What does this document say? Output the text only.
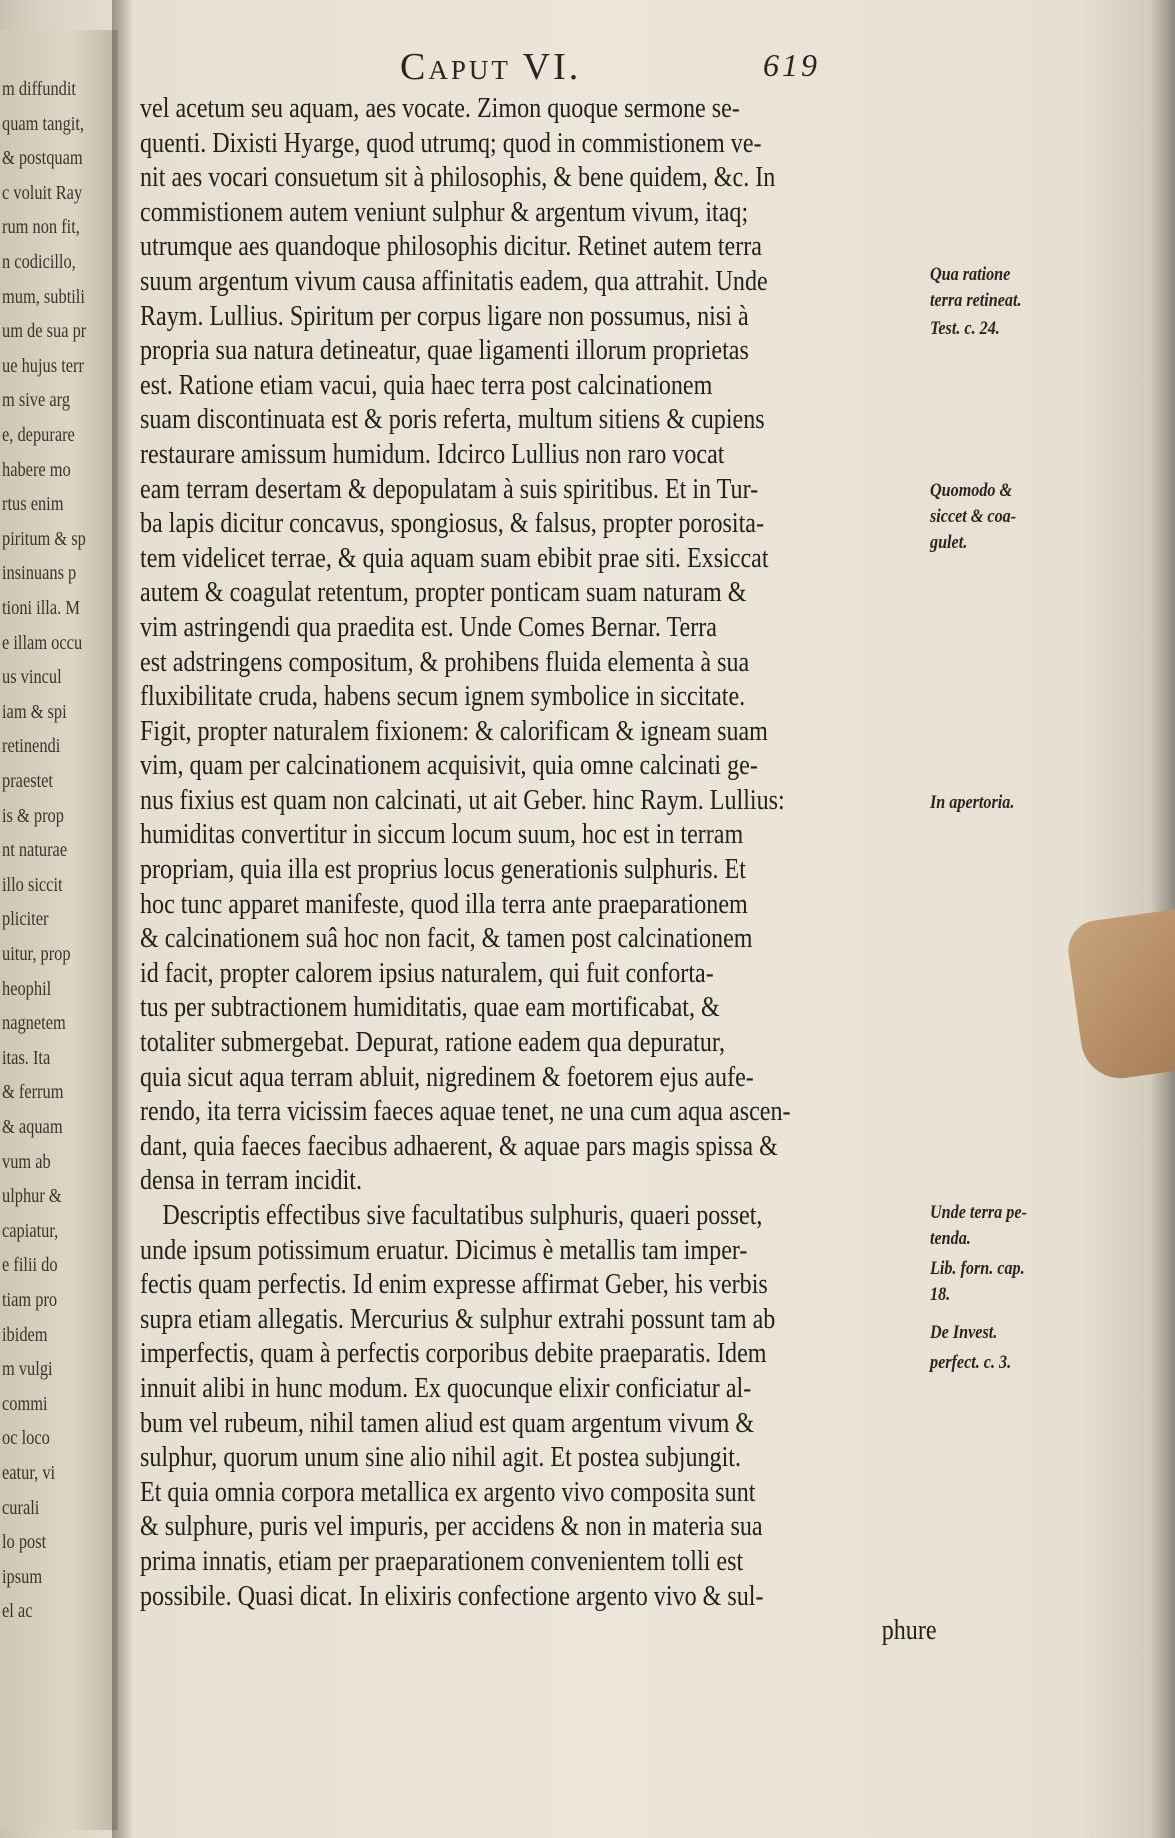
m diffundit
quam tangit,
& postquam
c voluit Ray
rum non fit,
n codicillo,
mum, subtili
um de sua pr
ue hujus terr
m sive arg
e, depurare
habere mo
rtus enim
piritum & sp
insinuans p
tioni illa. M
e illam occu
us vincul
iam & spi
retinendi
praestet
is & prop
nt naturae
illo siccit
pliciter
uitur, prop
heophil
nagnetem
itas. Ita
& ferrum
& aquam
vum ab
ulphur &
capiatur,
e filii do
tiam pro
ibidem
m vulgi
commi
oc loco
eatur, vi
curali
lo post
ipsum
el ac
Caput VI.	619
vel acetum seu aquam, aes vocate. Zimon quoque sermone se-
quenti. Dixisti Hyarge, quod utrumq; quod in commistionem ve-
nit aes vocari consuetum sit à philosophis, & bene quidem, &c. In
commistionem autem veniunt sulphur & argentum vivum, itaq;
utrumque aes quandoque philosophis dicitur. Retinet autem terra
suum argentum vivum causa affinitatis eadem, qua attrahit. Unde
Raym. Lullius. Spiritum per corpus ligare non possumus, nisi à
propria sua natura detineatur, quae ligamenti illorum proprietas
est. Ratione etiam vacui, quia haec terra post calcinationem
suam discontinuata est & poris referta, multum sitiens & cupiens
restaurare amissum humidum. Idcirco Lullius non raro vocat
eam terram desertam & depopulatam à suis spiritibus. Et in Tur-
ba lapis dicitur concavus, spongiosus, & falsus, propter porosita-
tem videlicet terrae, & quia aquam suam ebibit prae siti. Exsiccat
autem & coagulat retentum, propter ponticam suam naturam &
vim astringendi qua praedita est. Unde Comes Bernar. Terra
est adstringens compositum, & prohibens fluida elementa à sua
fluxibilitate cruda, habens secum ignem symbolice in siccitate.
Figit, propter naturalem fixionem: & calorificam & igneam suam
vim, quam per calcinationem acquisivit, quia omne calcinati ge-
nus fixius est quam non calcinati, ut ait Geber. hinc Raym. Lullius:
humiditas convertitur in siccum locum suum, hoc est in terram
propriam, quia illa est proprius locus generationis sulphuris. Et
hoc tunc apparet manifeste, quod illa terra ante praeparationem
& calcinationem suâ hoc non facit, & tamen post calcinationem
id facit, propter calorem ipsius naturalem, qui fuit conforta-
tus per subtractionem humiditatis, quae eam mortificabat, &
totaliter submergebat. Depurat, ratione eadem qua depuratur,
quia sicut aqua terram abluit, nigredinem & foetorem ejus aufe-
rendo, ita terra vicissim faeces aquae tenet, ne una cum aqua ascen-
dant, quia faeces faecibus adhaerent, & aquae pars magis spissa &
densa in terram incidit.
Descriptis effectibus sive facultatibus sulphuris, quaeri posset,
unde ipsum potissimum eruatur. Dicimus è metallis tam imper-
fectis quam perfectis. Id enim expresse affirmat Geber, his verbis
supra etiam allegatis. Mercurius & sulphur extrahi possunt tam ab
imperfectis, quam à perfectis corporibus debite praeparatis. Idem
innuit alibi in hunc modum. Ex quocunque elixir conficiatur al-
bum vel rubeum, nihil tamen aliud est quam argentum vivum &
sulphur, quorum unum sine alio nihil agit. Et postea subjungit.
Et quia omnia corpora metallica ex argento vivo composita sunt
& sulphure, puris vel impuris, per accidens & non in materia sua
prima innatis, etiam per praeparationem convenientem tolli est
possibile. Quasi dicat. In elixiris confectione argento vivo & sul-
phure
Qua ratione
terra retineat.
Test. c. 24.
Quomodo &
siccet & coa-
gulet.
In apertoria.
Unde terra pe-
tenda.
Lib. forn. cap.
18.
De Invest.
perfect. c. 3.
